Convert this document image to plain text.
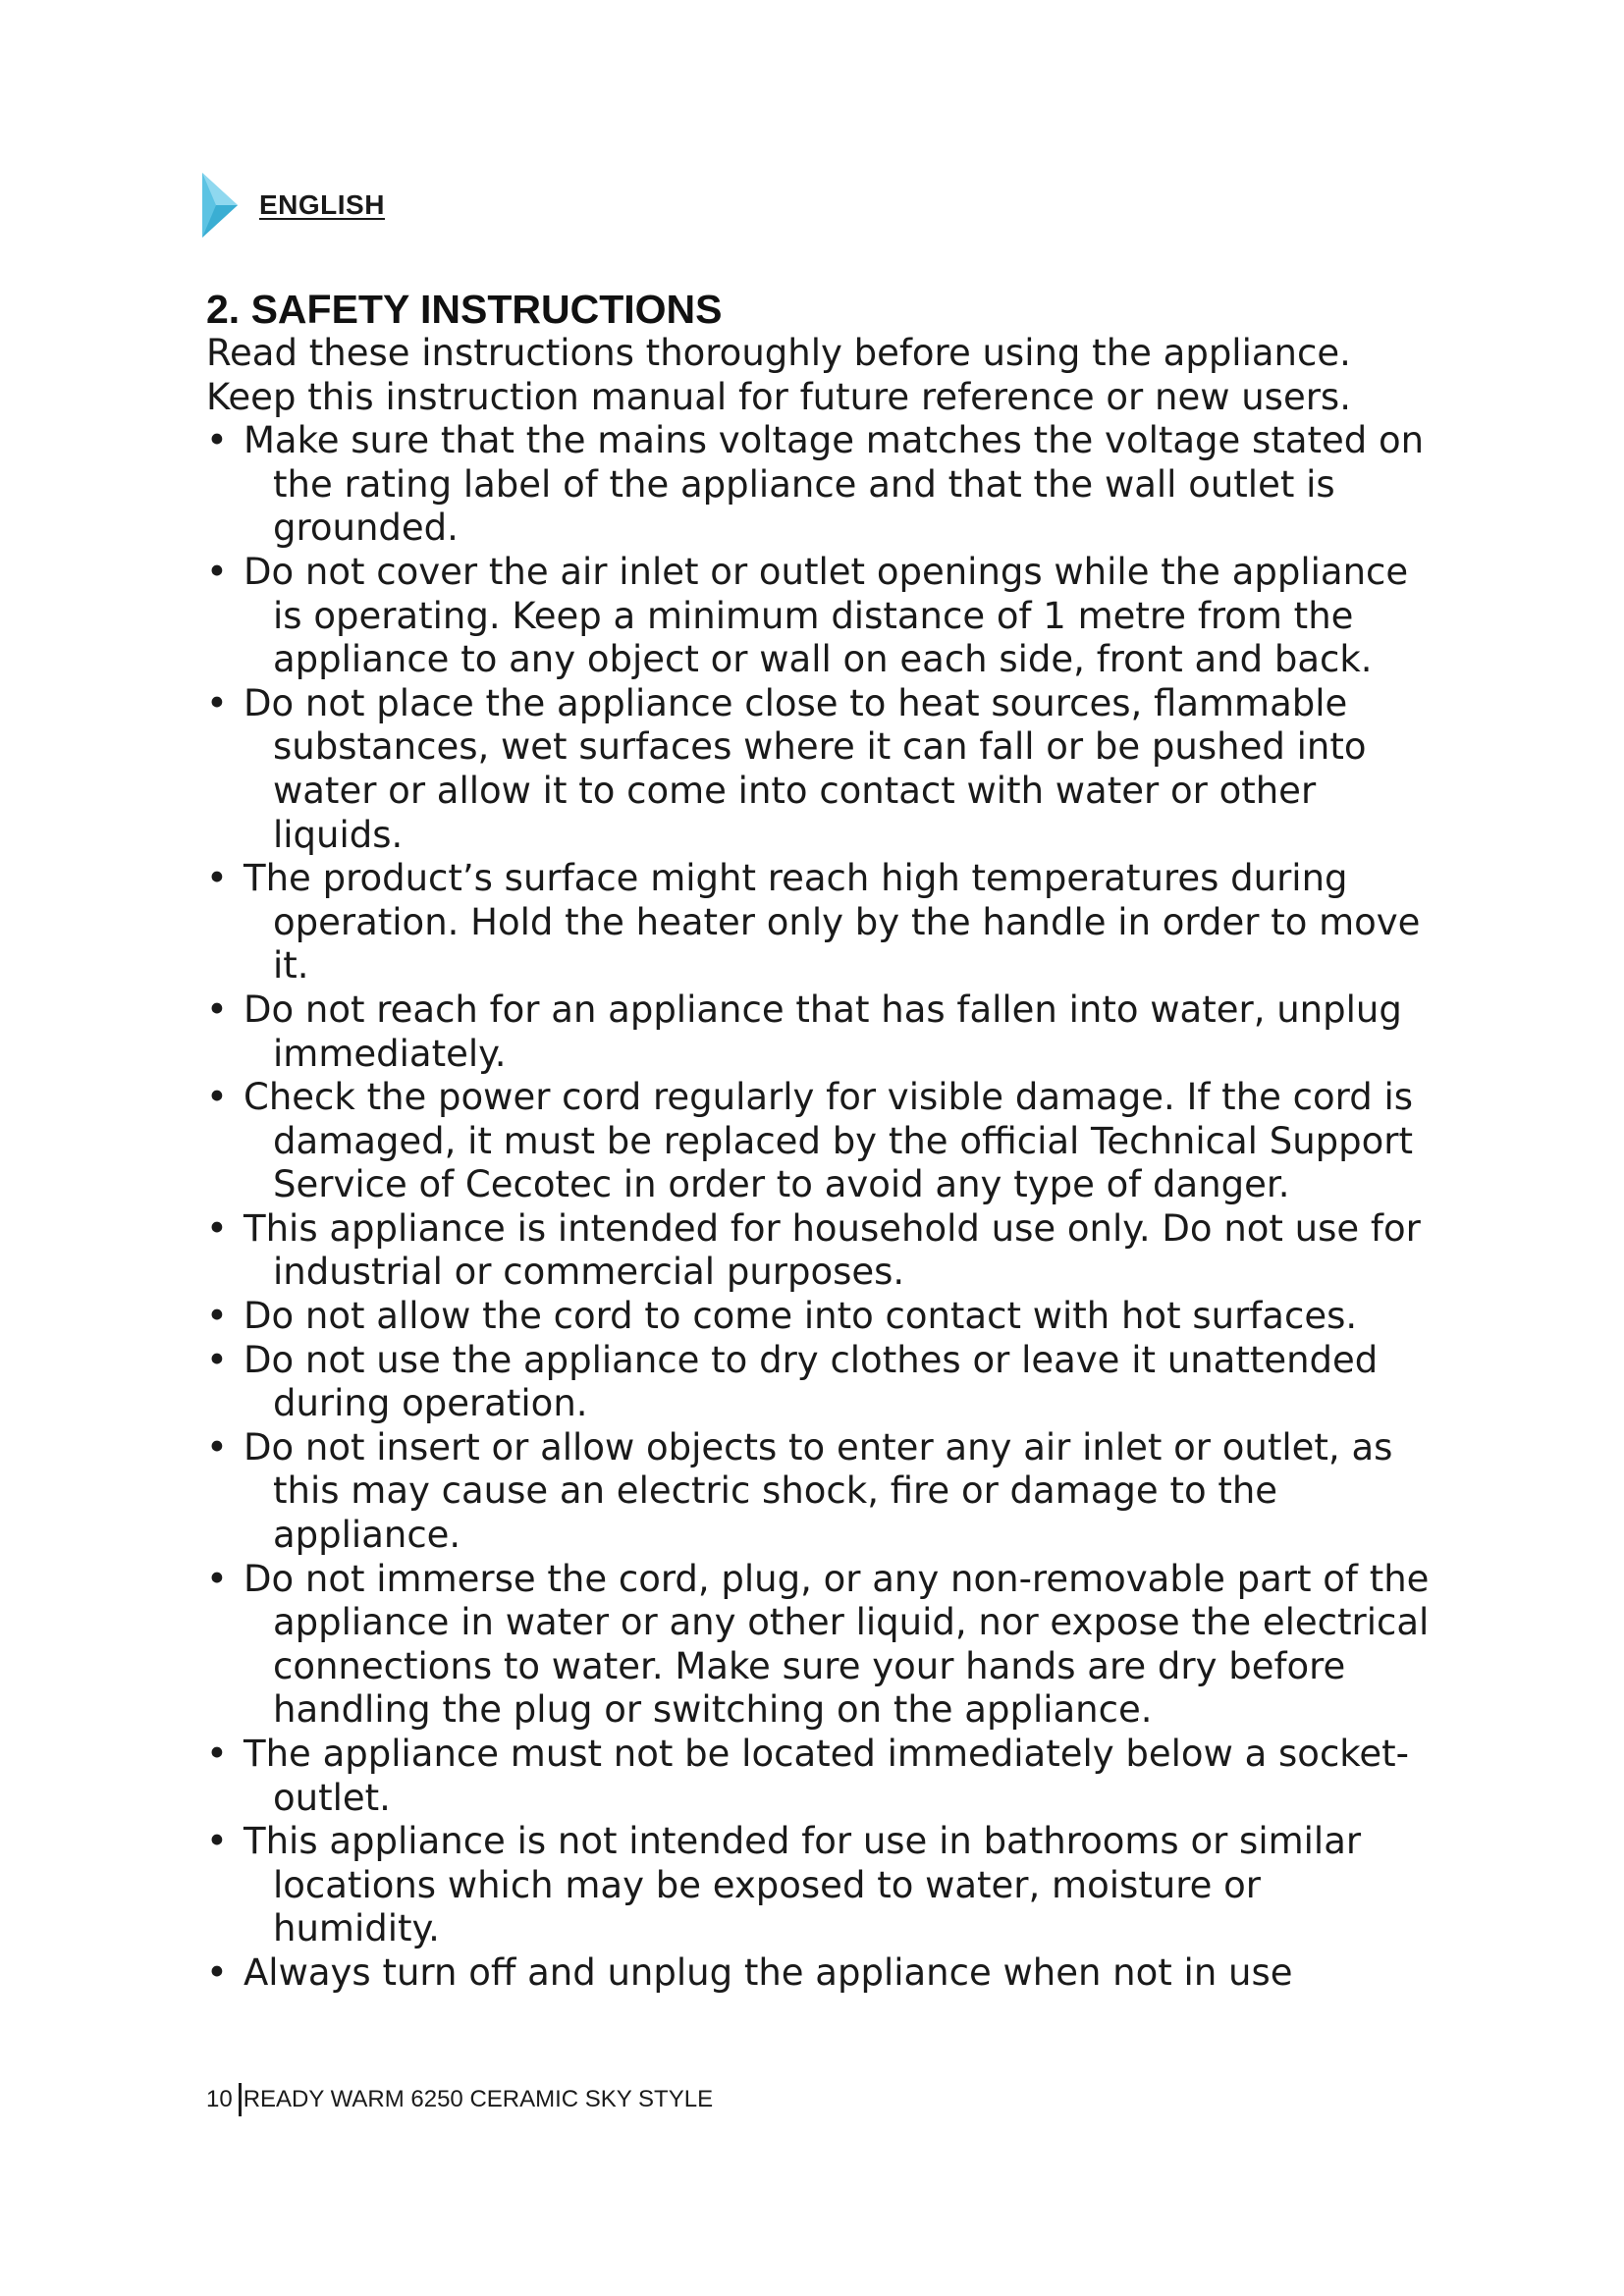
ENGLISH
2. SAFETY INSTRUCTIONS

Read these instructions thoroughly before using the appliance.

Keep this instruction manual for future reference or new users.

• Make sure that the mains voltage matches the voltage stated on the rating label of the appliance and that the wall outlet is grounded.
• Do not cover the air inlet or outlet openings while the appliance is operating. Keep a minimum distance of 1 metre from the appliance to any object or wall on each side, front and back.
• Do not place the appliance close to heat sources, flammable substances, wet surfaces where it can fall or be pushed into water or allow it to come into contact with water or other liquids.
• The product’s surface might reach high temperatures during operation. Hold the heater only by the handle in order to move it.
• Do not reach for an appliance that has fallen into water, unplug immediately.
• Check the power cord regularly for visible damage. If the cord is damaged, it must be replaced by the official Technical Support Service of Cecotec in order to avoid any type of danger.
• This appliance is intended for household use only. Do not use for industrial or commercial purposes.
• Do not allow the cord to come into contact with hot surfaces.
• Do not use the appliance to dry clothes or leave it unattended during operation.
• Do not insert or allow objects to enter any air inlet or outlet, as this may cause an electric shock, fire or damage to the appliance.
• Do not immerse the cord, plug, or any non-removable part of the appliance in water or any other liquid, nor expose the electrical connections to water. Make sure your hands are dry before handling the plug or switching on the appliance.
• The appliance must not be located immediately below a socket-outlet.
• This appliance is not intended for use in bathrooms or similar locations which may be exposed to water, moisture or humidity.
• Always turn off and unplug the appliance when not in use
10 READY WARM 6250 CERAMIC SKY STYLE
